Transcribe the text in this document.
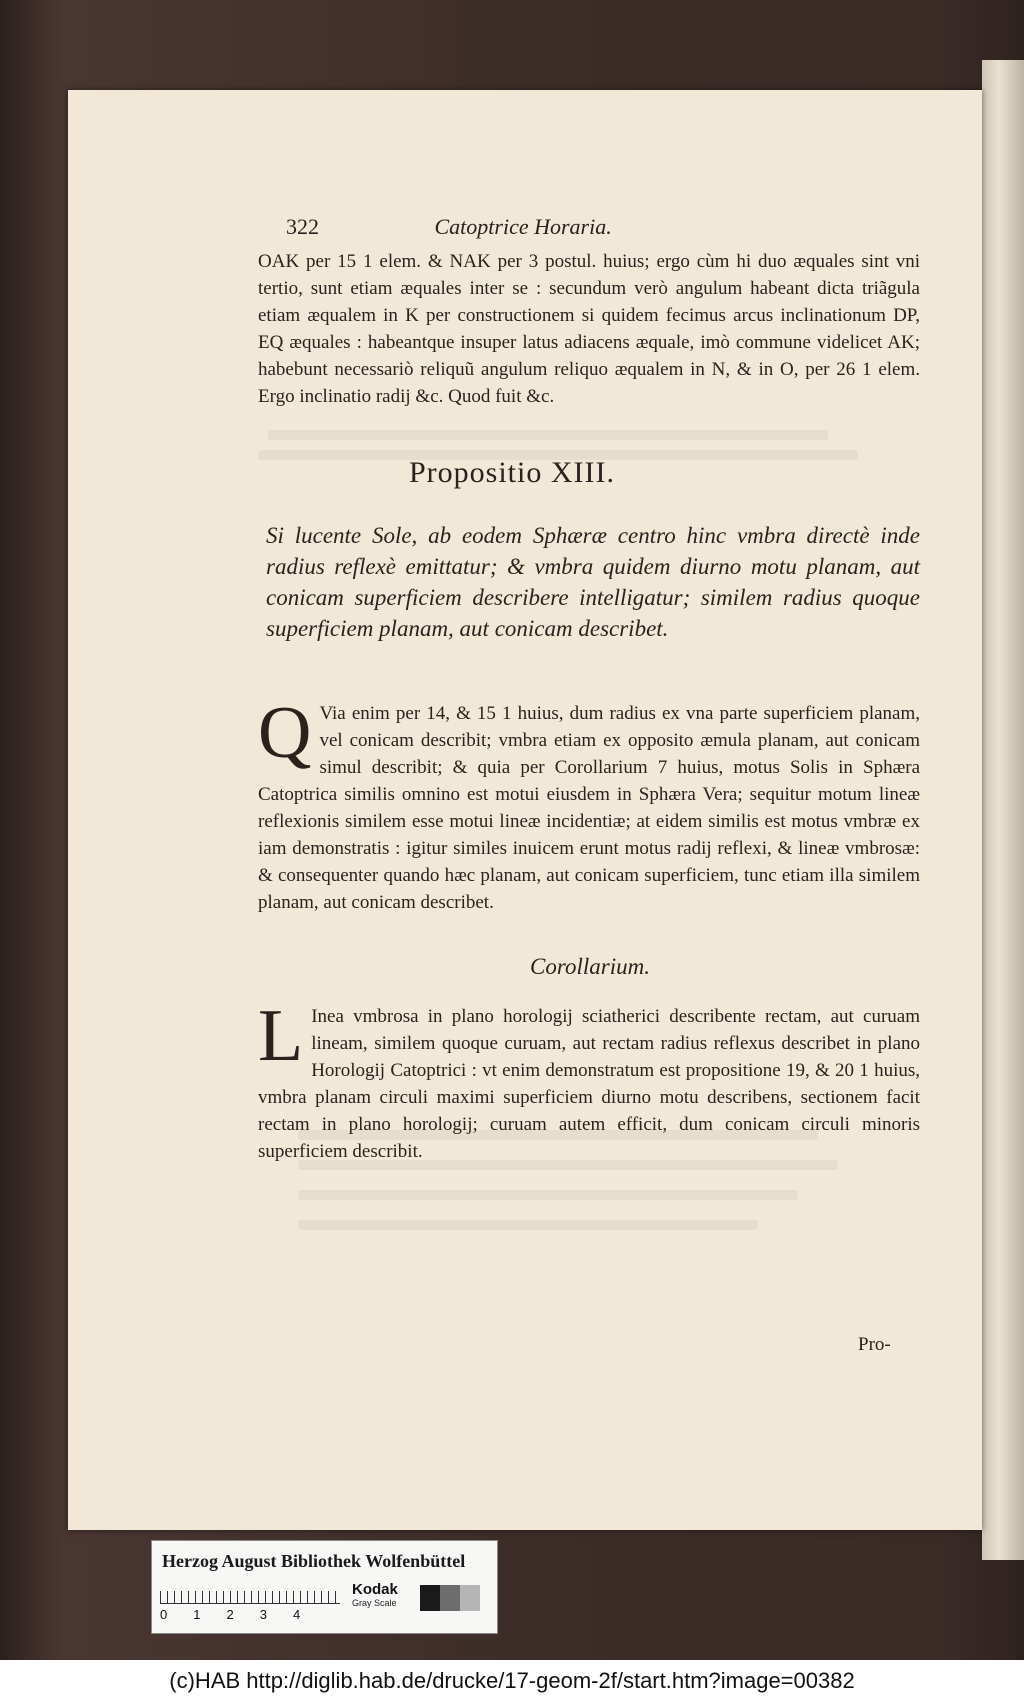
322	Catoptrice Horaria.
OAK per 15 1 elem. & NAK per 3 postul. huius; ergo cùm hi duo æquales sint vni tertio, sunt etiam æquales inter se : secundum verò angulum habeant dicta triãgula etiam æqualem in K per constructionem si quidem fecimus arcus inclinationum DP, EQ æquales : habeantque insuper latus adiacens æquale, imò commune videlicet AK; habebunt necessariò reliquũ angulum reliquo æqualem in N, & in O, per 26 1 elem. Ergo inclinatio radij &c. Quod fuit &c.
Propositio XIII.
Si lucente Sole, ab eodem Sphæræ centro hinc vmbra directè inde radius reflexè emittatur; & vmbra quidem diurno motu planam, aut conicam superficiem describere intelligatur; similem radius quoque superficiem planam, aut conicam describet.
Q Via enim per 14, & 15 1 huius, dum radius ex vna parte superficiem planam, vel conicam describit; vmbra etiam ex opposito æmula planam, aut conicam simul describit; & quia per Corollarium 7 huius, motus Solis in Sphæra Catoptrica similis omnino est motui eiusdem in Sphæra Vera; sequitur motum lineæ reflexionis similem esse motui lineæ incidentiæ; at eidem similis est motus vmbræ ex iam demonstratis : igitur similes inuicem erunt motus radij reflexi, & lineæ vmbrosæ: & consequenter quando hæc planam, aut conicam superficiem, tunc etiam illa similem planam, aut conicam describet.
Corollarium.
L Inea vmbrosa in plano horologij sciatherici describente rectam, aut curuam lineam, similem quoque curuam, aut rectam radius reflexus describet in plano Horologij Catoptrici : vt enim demonstratum est propositione 19, & 20 1 huius, vmbra planam circuli maximi superficiem diurno motu describens, sectionem facit rectam in plano horologij; curuam autem efficit, dum conicam circuli minoris superficiem describit.
Pro-
Herzog August Bibliothek Wolfenbüttel
0 1 2 3 4
Kodak
Gray Scale
(c)HAB http://diglib.hab.de/drucke/17-geom-2f/start.htm?image=00382
